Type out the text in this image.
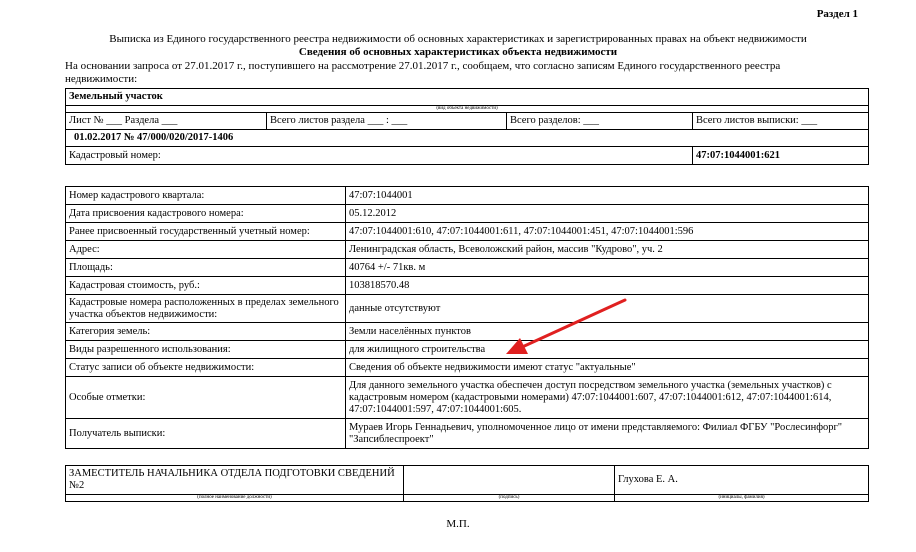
Раздел 1
Выписка из Единого государственного реестра недвижимости об основных характеристиках и зарегистрированных правах на объект недвижимости
Сведения об основных характеристиках объекта недвижимости
На основании запроса от 27.01.2017 г., поступившего на рассмотрение 27.01.2017 г., сообщаем, что согласно записям Единого государственного реестра недвижимости:
Земельный участок			
(вид объекта недвижимости)			
Лист № ___ Раздела ___	Всего листов раздела ___ : ___	Всего разделов: ___	Всего листов выписки: ___
01.02.2017 № 47/000/020/2017-1406			
Кадастровый номер:			47:07:1044001:621
Номер кадастрового квартала:	47:07:1044001
Дата присвоения кадастрового номера:	05.12.2012
Ранее присвоенный государственный учетный номер:	47:07:1044001:610, 47:07:1044001:611, 47:07:1044001:451, 47:07:1044001:596
Адрес:	Ленинградская область, Всеволожский район, массив "Кудрово", уч. 2
Площадь:	40764 +/- 71кв. м
Кадастровая стоимость, руб.:	103818570.48
Кадастровые номера расположенных в пределах земельного участка объектов недвижимости:	данные отсутствуют
Категория земель:	Земли населённых пунктов
Виды разрешенного использования:	для жилищного строительства
Статус записи об объекте недвижимости:	Сведения об объекте недвижимости имеют статус "актуальные"
Особые отметки:	Для данного земельного участка обеспечен доступ посредством земельного участка (земельных участков) с кадастровым номером (кадастровыми номерами) 47:07:1044001:607, 47:07:1044001:612, 47:07:1044001:614, 47:07:1044001:597, 47:07:1044001:605.
Получатель выписки:	Мураев Игорь Геннадьевич, уполномоченное лицо от имени представляемого: Филиал ФГБУ "Рослесинфорг" "Запсиблеспроект"
ЗАМЕСТИТЕЛЬ НАЧАЛЬНИКА ОТДЕЛА ПОДГОТОВКИ СВЕДЕНИЙ №2		Глухова Е. А.
(полное наименование должности)	(подпись)	(инициалы, фамилия)
М.П.
